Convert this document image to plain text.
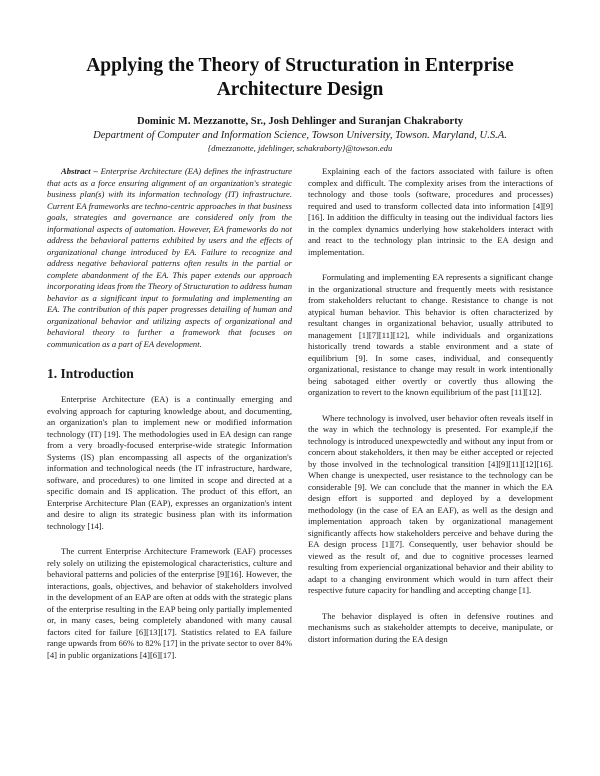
Applying the Theory of Structuration in Enterprise
Architecture Design
Dominic M. Mezzanotte, Sr., Josh Dehlinger and Suranjan Chakraborty
Department of Computer and Information Science, Towson University, Towson. Maryland, U.S.A.
{dmezzanotte, jdehlinger, schakraborty}@towson.edu

Abstract – Enterprise Architecture (EA) defines the infrastructure that acts as a force ensuring alignment of an organization's strategic business plan(s) with its information technology (IT) infrastructure. Current EA frameworks are techno-centric approaches in that business goals, strategies and governance are considered only from the informational aspects of automation. However, EA frameworks do not address the behavioral patterns exhibited by users and the effects of organizational change introduced by EA. Failure to recognize and address negative behavioral patterns often results in the partial or complete abandonment of the EA. This paper extends our approach incorporating ideas from the Theory of Structuration to address human behavior as a significant input to formulating and implementing an EA. The contribution of this paper progresses detailing of human and organizational behavior and utilizing aspects of organizational and behavioral theory to further a framework that focuses on communication as a part of EA development.

1. Introduction

Enterprise Architecture (EA) is a continually emerging and evolving approach for capturing knowledge about, and documenting, an organization's plan to implement new or modified information technology (IT) [19]. The methodologies used in EA design can range from a very broadly-focused enterprise-wide strategic Information Systems (IS) plan encompassing all aspects of the organization's information and technological needs (the IT infrastructure, hardware, software, and procedures) to one limited in scope and directed at a specific domain and IS application. The product of this effort, an Enterprise Architecture Plan (EAP), expresses an organization's intent and desire to align its strategic business plan with its information technology [14].

The current Enterprise Architecture Framework (EAF) processes rely solely on utilizing the epistemological characteristics, culture and behavioral patterns and policies of the enterprise [9][16]. However, the interactions, goals, objectives, and behavior of stakeholders involved in the development of an EAP are often at odds with the strategic plans of the enterprise resulting in the EAP being only partially implemented or, in many cases, being completely abandoned with many causal factors cited for failure [6][13][17]. Statistics related to EA failure range upwards from 66% to 82% [17] in the private sector to over 84% [4] in public organizations [4][6][17].

Explaining each of the factors associated with failure is often complex and difficult. The complexity arises from the interactions of technology and those tools (software, procedures and processes) required and used to transform collected data into information [4][9][16]. In addition the difficulty in teasing out the individual factors lies in the complex dynamics underlying how stakeholders interact with and react to the technology plan intrinsic to the EA design and implementation.

Formulating and implementing EA represents a significant change in the organizational structure and frequently meets with resistance from stakeholders reluctant to change. Resistance to change is not atypical human behavior. This behavior is often characterized by resultant changes in organizational behavior, usually attributed to management [1][7][11][12], while individuals and organizations historically trend towards a stable environment and a state of equilibrium [9]. In some cases, individual, and consequently organizational, resistance to change may result in work intentionally being sabotaged either overtly or covertly thus allowing the organization to revert to the known equilibrium of the past [11][12].

Where technology is involved, user behavior often reveals itself in the way in which the technology is presented. For example,if the technology is introduced unexpewctedly and without any input from or concern about stakeholders, it then may be either accepted or rejected by those involved in the technological transition [4][9][11][12][16]. When change is unexpected, user resistance to the technology can be considerable [9]. We can conclude that the manner in which the EA design effort is supported and deployed by a development methodology (in the case of EA an EAF), as well as the design and implementation approach taken by organizational management significantly affects how stakeholders perceive and behave during the EA design process [1][7]. Consequently, user behavior should be viewed as the result of, and due to cognitive processes learned resulting from experiencial organizational behavior and their ability to adapt to a changing environment which would in turn affect their respective future capacity for handling and accepting change [1].

The behavior displayed is often in defensive routines and mechanisms such as stakeholder attempts to deceive, manipulate, or distort information during the EA design
